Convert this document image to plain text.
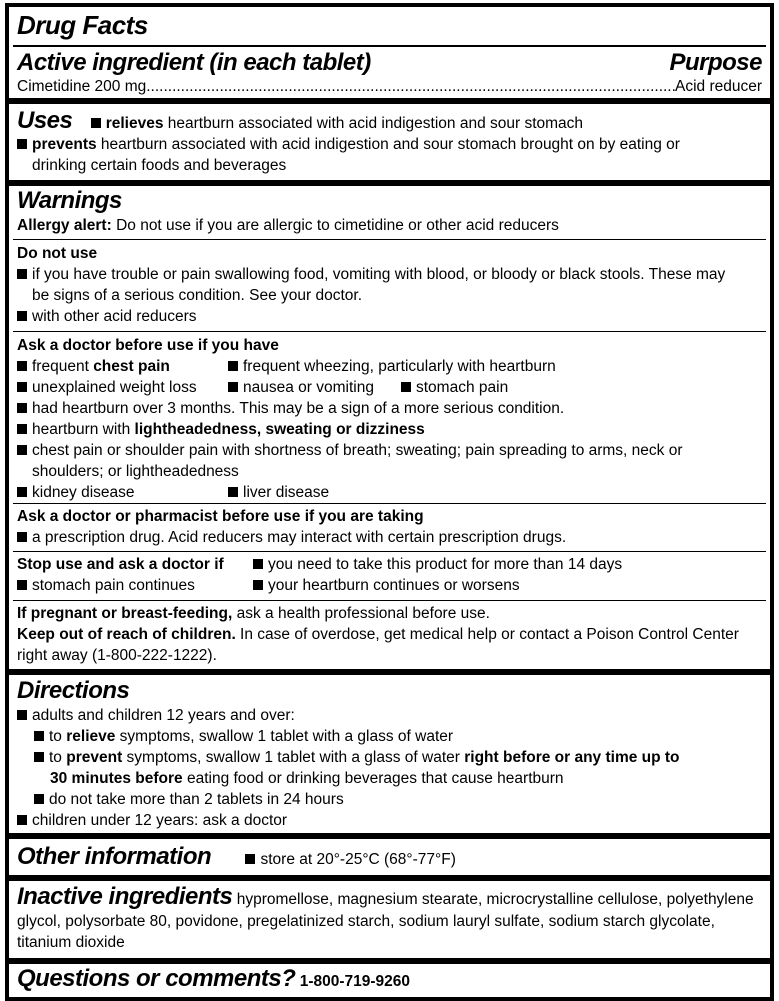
Drug Facts
Active ingredient (in each tablet)	Purpose
Cimetidine 200 mg
.....	Acid reducer
Uses relieves heartburn associated with acid indigestion and sour stomach
prevents heartburn associated with acid indigestion and sour stomach brought on by eating or
drinking certain foods and beverages
Warnings
Allergy alert: Do not use if you are allergic to cimetidine or other acid reducers
Do not use
if you have trouble or pain swallowing food, vomiting with blood, or bloody or black stools. These may
be signs of a serious condition. See your doctor.
with other acid reducers
Ask a doctor before use if you have
frequent chest pain	frequent wheezing, particularly with heartburn
unexplained weight loss	nausea or vomiting	stomach pain
had heartburn over 3 months. This may be a sign of a more serious condition.
heartburn with lightheadedness, sweating or dizziness
chest pain or shoulder pain with shortness of breath; sweating; pain spreading to arms, neck or
shoulders; or lightheadedness
kidney disease	liver disease
Ask a doctor or pharmacist before use if you are taking
a prescription drug. Acid reducers may interact with certain prescription drugs.
Stop use and ask a doctor if	you need to take this product for more than 14 days
stomach pain continues	your heartburn continues or worsens
If pregnant or breast-feeding, ask a health professional before use.
Keep out of reach of children. In case of overdose, get medical help or contact a Poison Control Center
right away (1-800-222-1222).
Directions
adults and children 12 years and over:
to relieve symptoms, swallow 1 tablet with a glass of water
to prevent symptoms, swallow 1 tablet with a glass of water right before or any time up to
30 minutes before eating food or drinking beverages that cause heartburn
do not take more than 2 tablets in 24 hours
children under 12 years: ask a doctor
Other information	store at 20°-25°C (68°-77°F)
Inactive ingredients hypromellose, magnesium stearate, microcrystalline cellulose, polyethylene
glycol, polysorbate 80, povidone, pregelatinized starch, sodium lauryl sulfate, sodium starch glycolate,
titanium dioxide
Questions or comments? 1-800-719-9260
